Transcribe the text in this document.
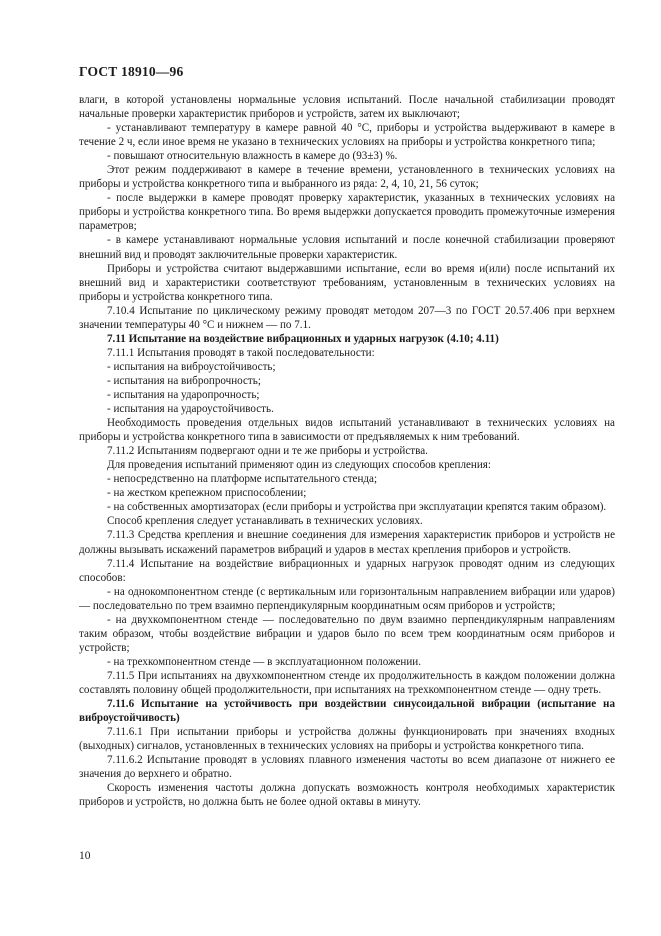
ГОСТ 18910—96

влаги, в которой установлены нормальные условия испытаний. После начальной стабилизации проводят начальные проверки характеристик приборов и устройств, затем их выключают;

- устанавливают температуру в камере равной 40 °С, приборы и устройства выдерживают в камере в течение 2 ч, если иное время не указано в технических условиях на приборы и устройства конкретного типа;

- повышают относительную влажность в камере до (93±3) %.

Этот режим поддерживают в камере в течение времени, установленного в технических условиях на приборы и устройства конкретного типа и выбранного из ряда: 2, 4, 10, 21, 56 суток;

- после выдержки в камере проводят проверку характеристик, указанных в технических условиях на приборы и устройства конкретного типа. Во время выдержки допускается проводить промежуточные измерения параметров;

- в камере устанавливают нормальные условия испытаний и после конечной стабилизации проверяют внешний вид и проводят заключительные проверки характеристик.

Приборы и устройства считают выдержавшими испытание, если во время и(или) после испытаний их внешний вид и характеристики соответствуют требованиям, установленным в технических условиях на приборы и устройства конкретного типа.

7.10.4 Испытание по циклическому режиму проводят методом 207—3 по ГОСТ 20.57.406 при верхнем значении температуры 40 °С и нижнем — по 7.1.

7.11 Испытание на воздействие вибрационных и ударных нагрузок (4.10; 4.11)

7.11.1 Испытания проводят в такой последовательности:

- испытания на виброустойчивость;

- испытания на вибропрочность;

- испытания на ударопрочность;

- испытания на удароустойчивость.

Необходимость проведения отдельных видов испытаний устанавливают в технических условиях на приборы и устройства конкретного типа в зависимости от предъявляемых к ним требований.

7.11.2 Испытаниям подвергают одни и те же приборы и устройства.

Для проведения испытаний применяют один из следующих способов крепления:

- непосредственно на платформе испытательного стенда;

- на жестком крепежном приспособлении;

- на собственных амортизаторах (если приборы и устройства при эксплуатации крепятся таким образом).

Способ крепления следует устанавливать в технических условиях.

7.11.3 Средства крепления и внешние соединения для измерения характеристик приборов и устройств не должны вызывать искажений параметров вибраций и ударов в местах крепления приборов и устройств.

7.11.4 Испытание на воздействие вибрационных и ударных нагрузок проводят одним из следующих способов:

- на однокомпонентном стенде (с вертикальным или горизонтальным направлением вибрации или ударов) — последовательно по трем взаимно перпендикулярным координатным осям приборов и устройств;

- на двухкомпонентном стенде — последовательно по двум взаимно перпендикулярным направлениям таким образом, чтобы воздействие вибрации и ударов было по всем трем координатным осям приборов и устройств;

- на трехкомпонентном стенде — в эксплуатационном положении.

7.11.5 При испытаниях на двухкомпонентном стенде их продолжительность в каждом положении должна составлять половину общей продолжительности, при испытаниях на трехкомпонентном стенде — одну треть.

7.11.6 Испытание на устойчивость при воздействии синусоидальной вибрации (испытание на виброустойчивость)

7.11.6.1 При испытании приборы и устройства должны функционировать при значениях входных (выходных) сигналов, установленных в технических условиях на приборы и устройства конкретного типа.

7.11.6.2 Испытание проводят в условиях плавного изменения частоты во всем диапазоне от нижнего ее значения до верхнего и обратно.

Скорость изменения частоты должна допускать возможность контроля необходимых характеристик приборов и устройств, но должна быть не более одной октавы в минуту.

10
